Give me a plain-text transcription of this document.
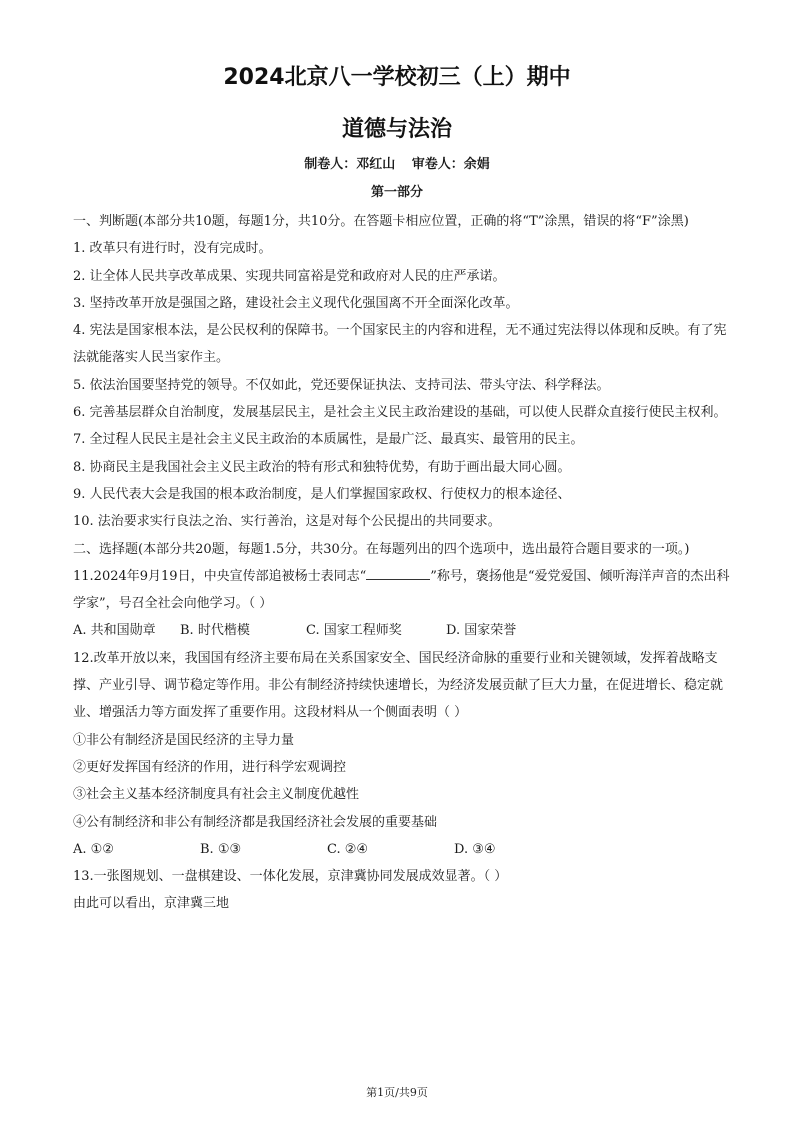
2024北京八一学校初三（上）期中
道德与法治
制卷人：邓红山 审卷人：余娟
第一部分
一、判断题(本部分共10题，每题1分，共10分。在答题卡相应位置，正确的将“T”涂黑，错误的将“F”涂黑)
1. 改革只有进行时，没有完成时。
2. 让全体人民共享改革成果、实现共同富裕是党和政府对人民的庄严承诺。
3. 坚持改革开放是强国之路，建设社会主义现代化强国离不开全面深化改革。
4. 宪法是国家根本法，是公民权利的保障书。一个国家民主的内容和进程，无不通过宪法得以体现和反映。有了宪法就能落实人民当家作主。
5. 依法治国要坚持党的领导。不仅如此，党还要保证执法、支持司法、带头守法、科学释法。
6. 完善基层群众自治制度，发展基层民主，是社会主义民主政治建设的基础，可以使人民群众直接行使民主权利。
7. 全过程人民民主是社会主义民主政治的本质属性，是最广泛、最真实、最管用的民主。
8. 协商民主是我国社会主义民主政治的特有形式和独特优势，有助于画出最大同心圆。
9. 人民代表大会是我国的根本政治制度，是人们掌握国家政权、行使权力的根本途径、
10. 法治要求实行良法之治、实行善治，这是对每个公民提出的共同要求。
二、选择题(本部分共20题，每题1.5分，共30分。在每题列出的四个选项中，选出最符合题目要求的一项。)
11.2024年9月19日，中央宣传部追被杨士表同志“	”称号，褒扬他是“爱党爱国、倾听海洋声音的杰出科学家”，号召全社会向他学习。（ ）
A. 共和国勋章	B. 时代楷模	C. 国家工程师奖	D. 国家荣誉
12.改革开放以来，我国国有经济主要布局在关系国家安全、国民经济命脉的重要行业和关键领域，发挥着战略支撑、产业引导、调节稳定等作用。非公有制经济持续快速增长，为经济发展贡献了巨大力量，在促进增长、稳定就业、增强活力等方面发挥了重要作用。这段材料从一个侧面表明（ ）
①非公有制经济是国民经济的主导力量
②更好发挥国有经济的作用，进行科学宏观调控
③社会主义基本经济制度具有社会主义制度优越性
④公有制经济和非公有制经济都是我国经济社会发展的重要基础
A. ①②	B. ①③	C. ②④	D. ③④
13.一张图规划、一盘棋建设、一体化发展，京津冀协同发展成效显著。（ ）
由此可以看出，京津冀三地
第1页/共9页
